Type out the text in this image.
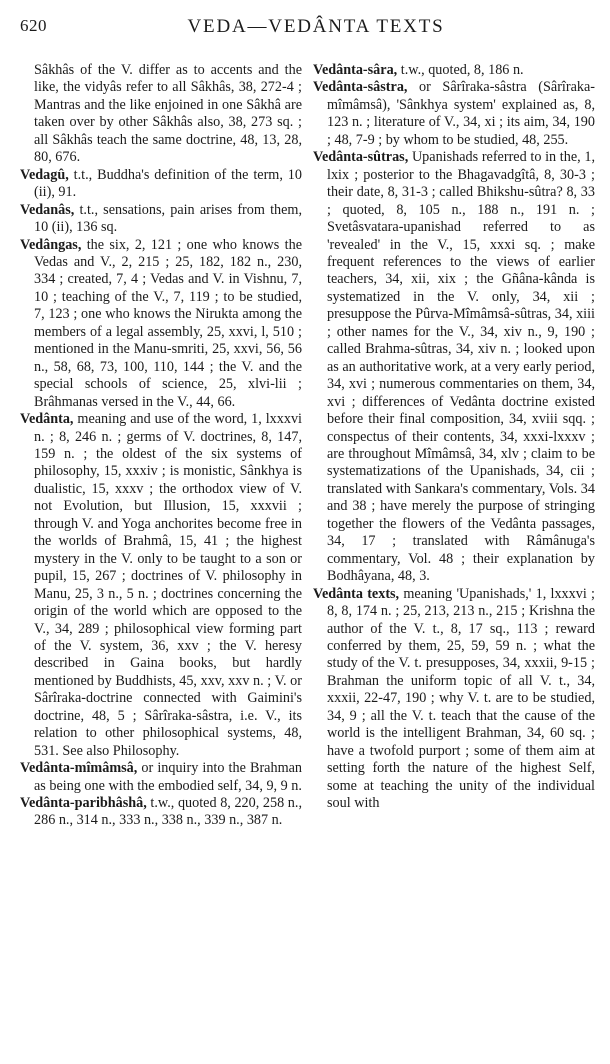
620	VEDA—VEDÂNTA TEXTS
Sâkhâs of the V. differ as to accents and the like, the vidyâs refer to all Sâkhâs, 38, 272-4 ; Mantras and the like enjoined in one Sâkhâ are taken over by other Sâkhâs also, 38, 273 sq. ; all Sâkhâs teach the same doctrine, 48, 13, 28, 80, 676.
Vedagû, t.t., Buddha's definition of the term, 10 (ii), 91.
Vedanâs, t.t., sensations, pain arises from them, 10 (ii), 136 sq.
Vedângas, the six, 2, 121 ; one who knows the Vedas and V., 2, 215 ; 25, 182, 182 n., 230, 334 ; created, 7, 4 ; Vedas and V. in Vishnu, 7, 10 ; teaching of the V., 7, 119 ; to be studied, 7, 123 ; one who knows the Nirukta among the members of a legal assembly, 25, xxvi, l, 510 ; mentioned in the Manu-smriti, 25, xxvi, 56, 56 n., 58, 68, 73, 100, 110, 144 ; the V. and the special schools of science, 25, xlvi-lii ; Brâhmanas versed in the V., 44, 66.
Vedânta, meaning and use of the word, 1, lxxxvi n. ; 8, 246 n. ; germs of V. doctrines, 8, 147, 159 n. ; the oldest of the six systems of philosophy, 15, xxxiv ; is monistic, Sânkhya is dualistic, 15, xxxv ; the orthodox view of V. not Evolution, but Illusion, 15, xxxvii ; through V. and Yoga anchorites become free in the worlds of Brahmâ, 15, 41 ; the highest mystery in the V. only to be taught to a son or pupil, 15, 267 ; doctrines of V. philosophy in Manu, 25, 3 n., 5 n. ; doctrines concerning the origin of the world which are opposed to the V., 34, 289 ; philosophical view forming part of the V. system, 36, xxv ; the V. heresy described in Gaina books, but hardly mentioned by Buddhists, 45, xxv, xxv n. ; V. or Sârîraka-doctrine connected with Gaimini's doctrine, 48, 5 ; Sârîraka-sâstra, i.e. V., its relation to other philosophical systems, 48, 531. See also Philosophy.
Vedânta-mîmâmsâ, or inquiry into the Brahman as being one with the embodied self, 34, 9, 9 n.
Vedânta-paribhâshâ, t.w., quoted 8, 220, 258 n., 286 n., 314 n., 333 n., 338 n., 339 n., 387 n.
Vedânta-sâra, t.w., quoted, 8, 186 n.
Vedânta-sâstra, or Sârîraka-sâstra (Sârîraka-mîmâmsâ), 'Sânkhya system' explained as, 8, 123 n. ; literature of V., 34, xi ; its aim, 34, 190 ; 48, 7-9 ; by whom to be studied, 48, 255.
Vedânta-sûtras, Upanishads referred to in the, 1, lxix ; posterior to the Bhagavadgîtâ, 8, 30-3 ; their date, 8, 31-3 ; called Bhikshu-sûtra? 8, 33 ; quoted, 8, 105 n., 188 n., 191 n. ; Svetâsvatara-upanishad referred to as 'revealed' in the V., 15, xxxi sq. ; make frequent references to the views of earlier teachers, 34, xii, xix ; the Gñâna-kânda is systematized in the V. only, 34, xii ; presuppose the Pûrva-Mîmâmsâ-sûtras, 34, xiii ; other names for the V., 34, xiv n., 9, 190 ; called Brahma-sûtras, 34, xiv n. ; looked upon as an authoritative work, at a very early period, 34, xvi ; numerous commentaries on them, 34, xvi ; differences of Vedânta doctrine existed before their final composition, 34, xviii sqq. ; conspectus of their contents, 34, xxxi-lxxxv ; are throughout Mîmâmsâ, 34, xlv ; claim to be systematizations of the Upanishads, 34, cii ; translated with Sankara's commentary, Vols. 34 and 38 ; have merely the purpose of stringing together the flowers of the Vedânta passages, 34, 17 ; translated with Râmânuga's commentary, Vol. 48 ; their explanation by Bodhâyana, 48, 3.
Vedânta texts, meaning 'Upanishads,' 1, lxxxvi ; 8, 8, 174 n. ; 25, 213, 213 n., 215 ; Krishna the author of the V. t., 8, 17 sq., 113 ; reward conferred by them, 25, 59, 59 n. ; what the study of the V. t. presupposes, 34, xxxii, 9-15 ; Brahman the uniform topic of all V. t., 34, xxxii, 22-47, 190 ; why V. t. are to be studied, 34, 9 ; all the V. t. teach that the cause of the world is the intelligent Brahman, 34, 60 sq. ; have a twofold purport ; some of them aim at setting forth the nature of the highest Self, some at teaching the unity of the individual soul with
